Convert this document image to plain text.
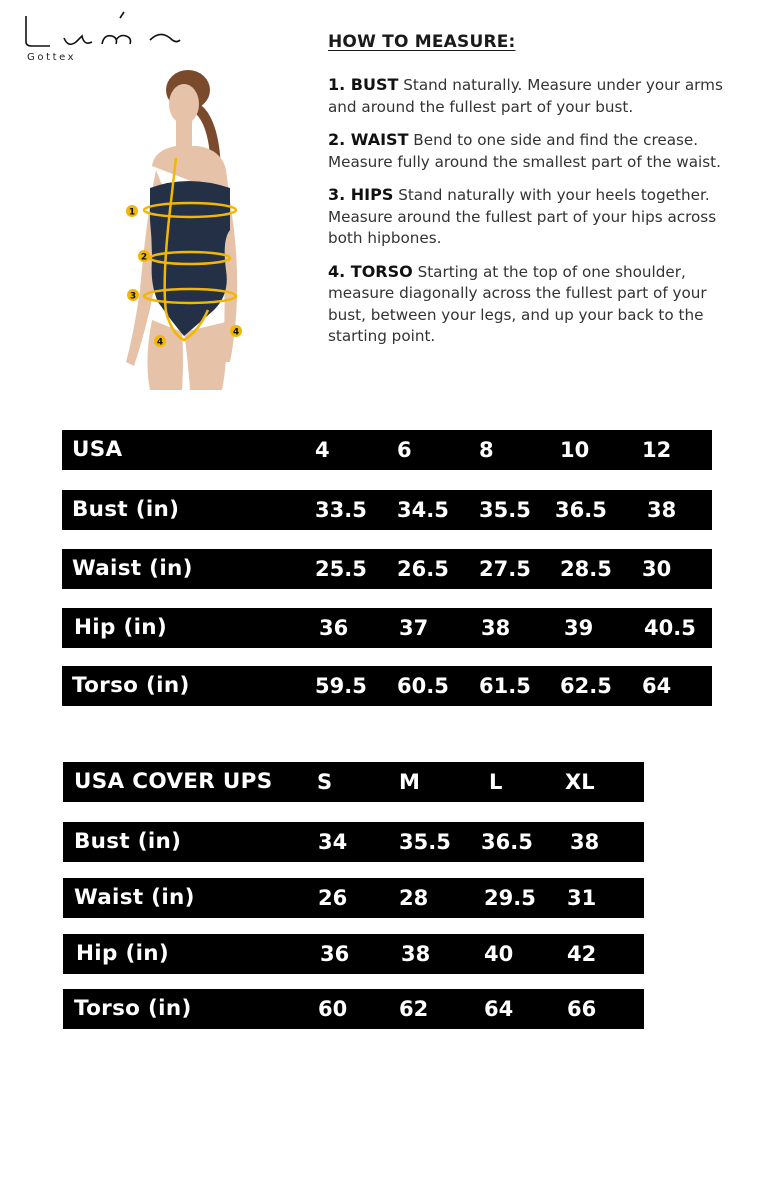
Gottex
1
2
3
4
4
HOW TO MEASURE:

1. BUST Stand naturally. Measure under your arms and around the fullest part of your bust.

2. WAIST Bend to one side and find the crease. Measure fully around the smallest part of the waist.

3. HIPS Stand naturally with your heels together. Measure around the fullest part of your hips across both hipbones.

4. TORSO Starting at the top of one shoulder, measure diagonally across the fullest part of your bust, between your legs, and up your back to the starting point.

USA	4	6	8	10	12
Bust (in)	33.5 34.5 35.5 36.5 38
Waist (in)	25.5 26.5 27.5 28.5 30
Hip (in)	36 37	38	39 40.5
Torso (in)	59.5 60.5 61.5 62.5 64
USA COVER UPS S	M	L	XL
Bust (in)	34 35.5 36.5 38
Waist (in)	26 28	29.5 31
Hip (in)	36 38	40	42
Torso (in)	60 62	64	66
